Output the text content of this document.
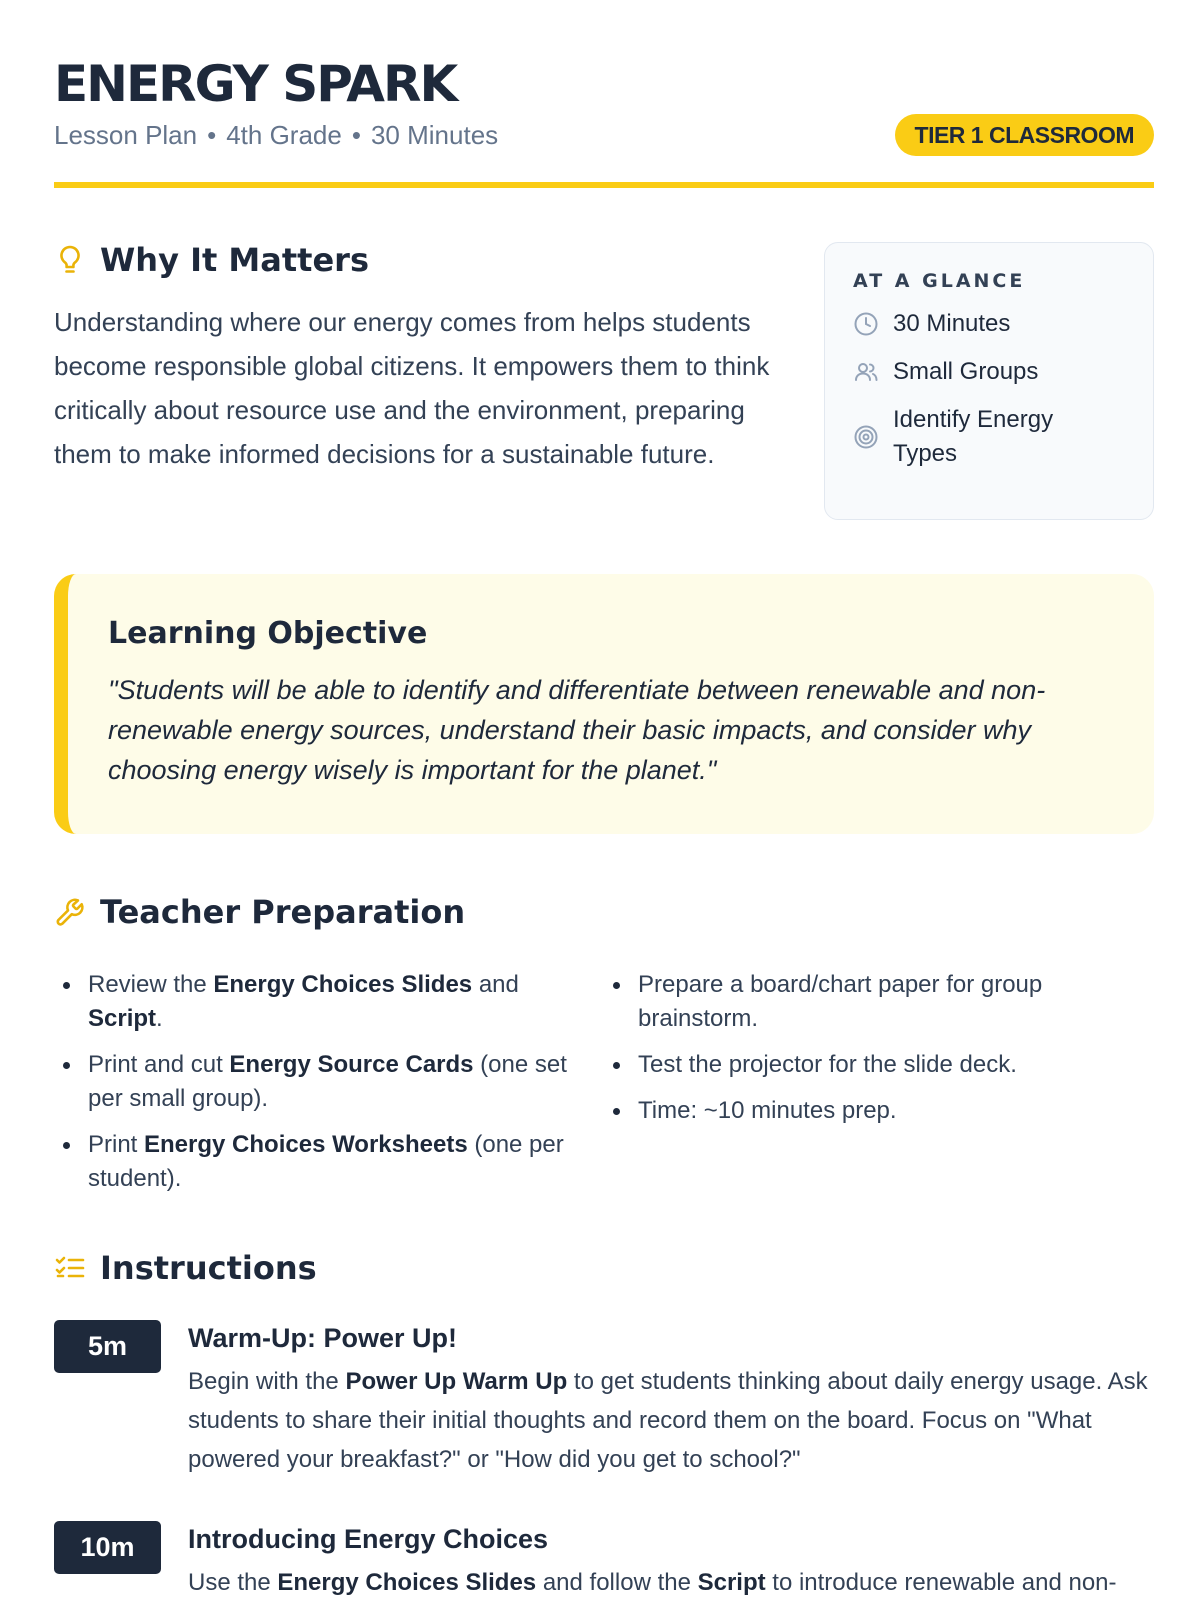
ENERGY SPARK
Lesson Plan • 4th Grade • 30 Minutes	TIER 1 CLASSROOM
Why It Matters

Understanding where our energy comes from helps students become responsible global citizens. It empowers them to think critically about resource use and the environment, preparing them to make informed decisions for a sustainable future.

AT A GLANCE
30 Minutes
Small Groups
Identify Energy Types
Learning Objective

"Students will be able to identify and differentiate between renewable and non-renewable energy sources, understand their basic impacts, and consider why choosing energy wisely is important for the planet."

Teacher Preparation
Review the Energy Choices Slides and Script.
Print and cut Energy Source Cards (one set per small group).
Print Energy Choices Worksheets (one per student).
Prepare a board/chart paper for group brainstorm.
Test the projector for the slide deck.
Time: ~10 minutes prep.
Instructions
5m	Warm-Up: Power Up!

Begin with the Power Up Warm Up to get students thinking about daily energy usage. Ask students to share their initial thoughts and record them on the board. Focus on "What powered your breakfast?" or "How did you get to school?"

10m	Introducing Energy Choices

Use the Energy Choices Slides and follow the Script to introduce renewable and non-
